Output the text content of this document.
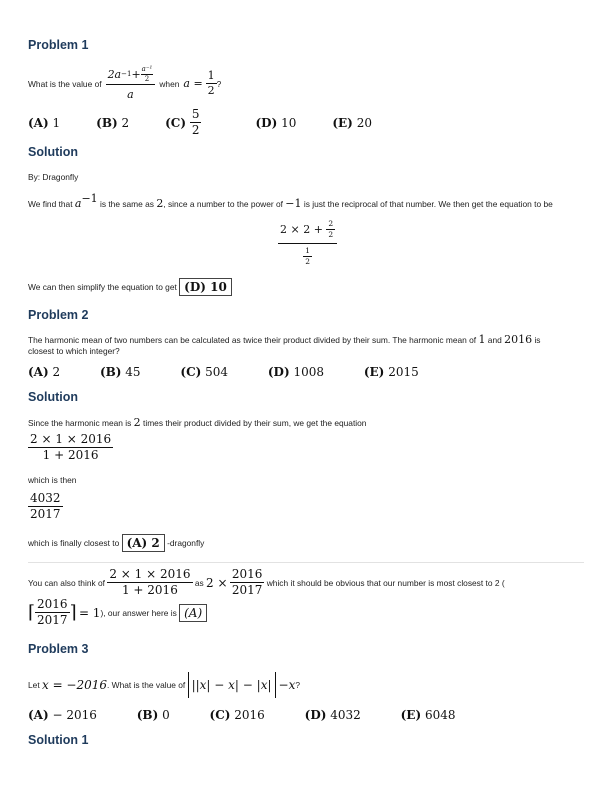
Problem 1
What is the value of $\frac{2a -1 + \frac{\text{a⁻¹}}{2}}{a}$ when $a = \frac{1}{2}$ ?
(A) 1	(B) 2	(C)
$\frac{5}{2}$	(D) 10	(E) 20
Solution
By: Dragonfly
We find that $a^{-1}$ is the same as 2, since a number to the power of −1 is just the reciprocal of that number. We then get the equation to be
2 × 2 +
$\frac{2}{2}$
$\frac{1}{2}$
We can then simplify the equation to get
(D) 10
Problem 2
The harmonic mean of two numbers can be calculated as twice their product divided by their sum. The harmonic mean of 1 and 2016 is
closest to which integer?
(A) 2	(B) 45	(C) 504	(D) 1008	(E) 2015
Solution
Since the harmonic mean is 2 times their product divided by their sum, we get the equation
$\frac{2 \times 1 \times 2016}{1 + 2016}$
which is then
$\frac{4032}{2017}$
which is finally closest to
(A) 2
-dragonfly
You can also think of
$\frac{2 \times 1 \times 2016}{1 + 2016}$
as
2 ×
$\frac{2016}{2017}$
which it should be obvious that our number is most closest to 2 (
⌈ $\frac{2016}{2017}$ ⌉
= 1 ), our answer here is
(A)
Problem 3
Let
x = −2016 . What is the value of
||x| − x| − |x| −x ?
(A) − 2016	(B) 0	(C) 2016	(D) 4032	(E) 6048
Solution 1
